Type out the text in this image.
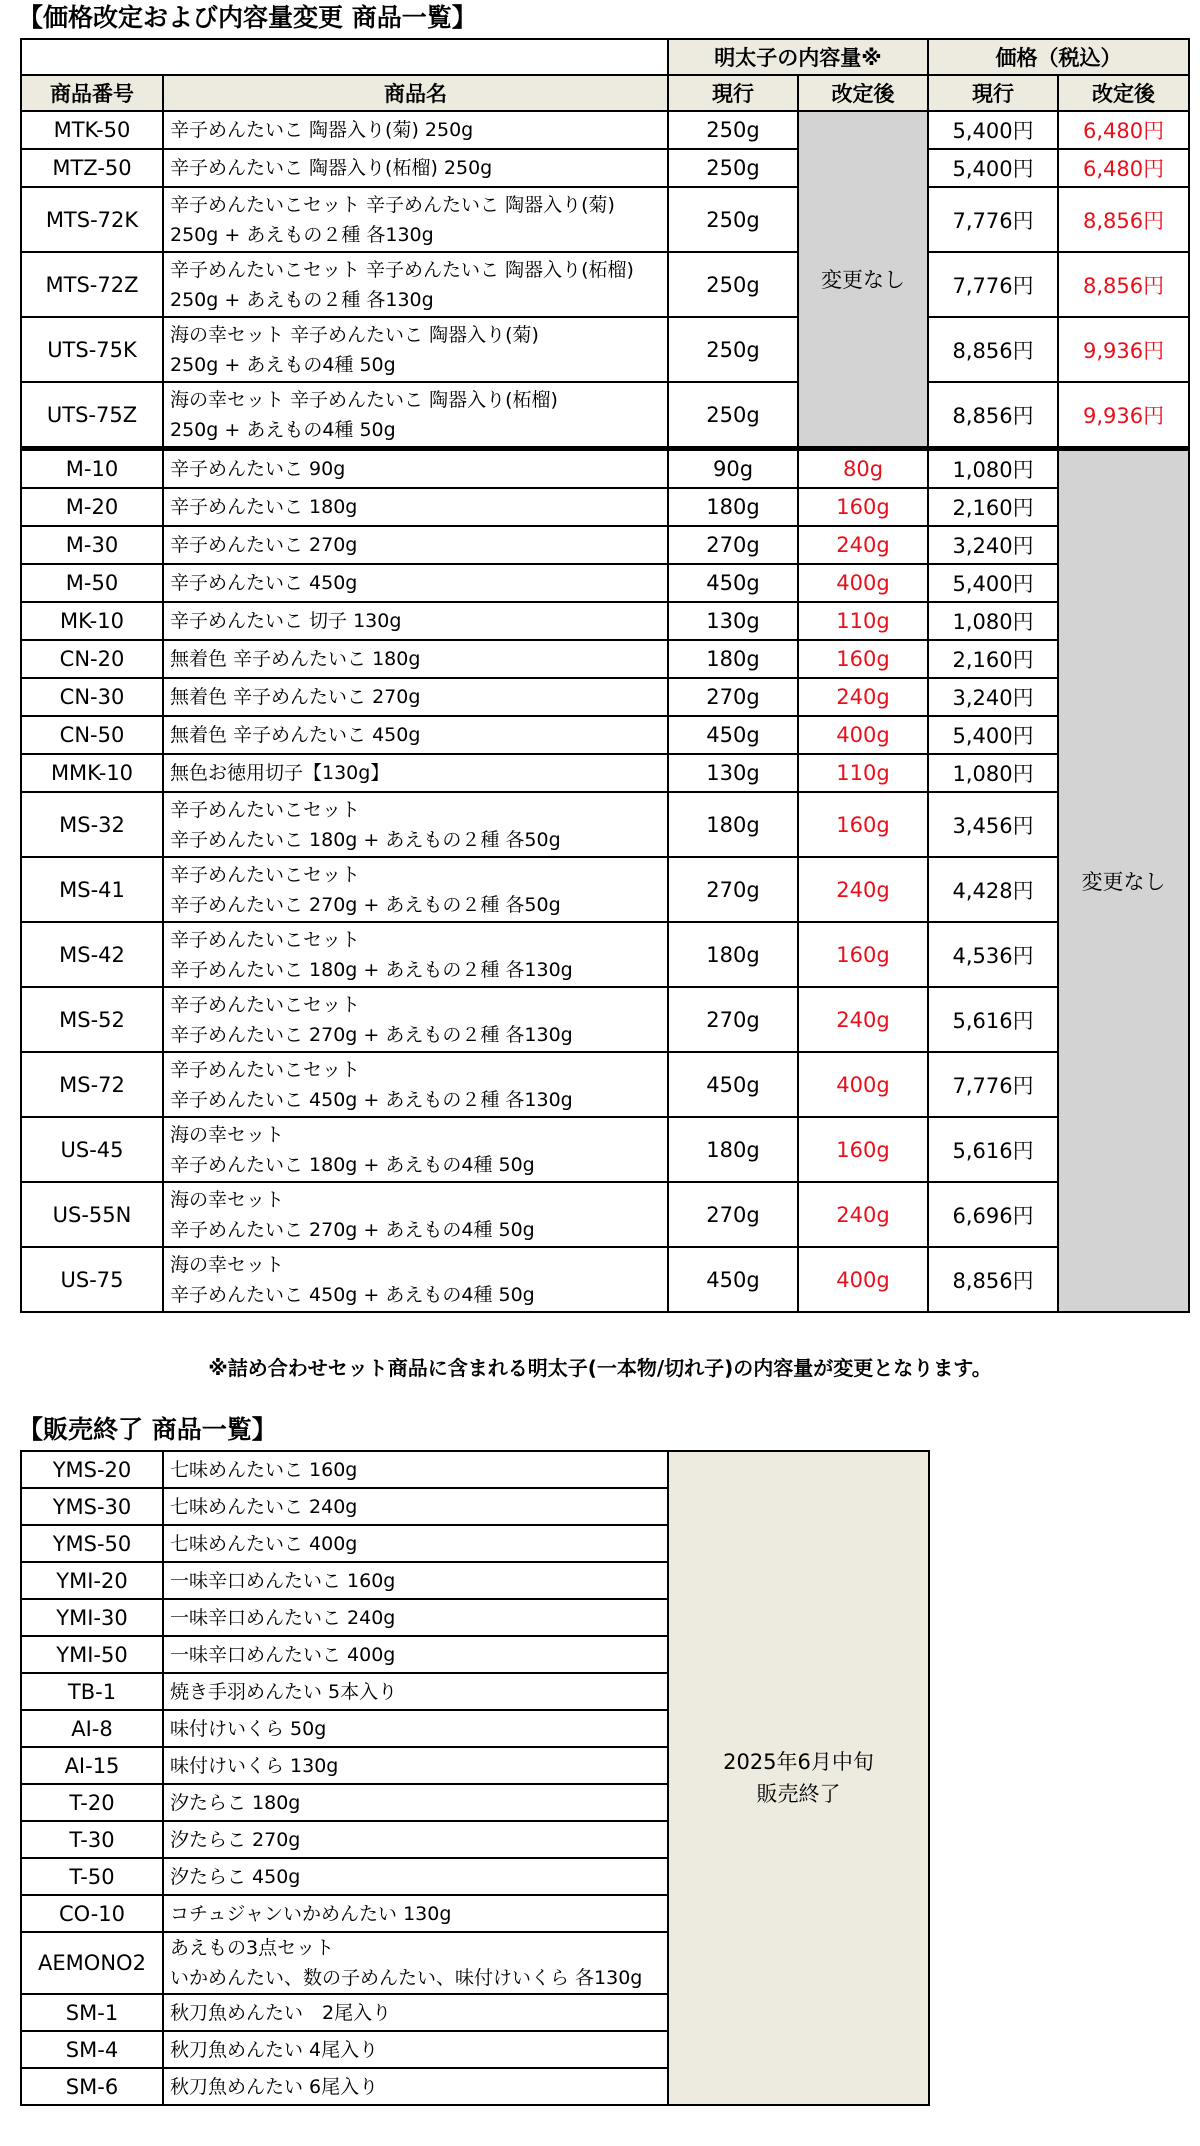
【価格改定および内容量変更 商品一覧】
		明太子の内容量※		価格（税込）	
商品番号	商品名	現行	改定後	現行	改定後
MTK-50	辛子めんたいこ 陶器入り(菊) 250g	250g	変更なし	5,400円	6,480円
MTZ-50	辛子めんたいこ 陶器入り(柘榴) 250g	250g		5,400円	6,480円
MTS-72K	辛子めんたいこセット 辛子めんたいこ 陶器入り(菊)
250g + あえもの２種 各130g	250g		7,776円	8,856円
MTS-72Z	辛子めんたいこセット 辛子めんたいこ 陶器入り(柘榴)
250g + あえもの２種 各130g	250g		7,776円	8,856円
UTS-75K	海の幸セット 辛子めんたいこ 陶器入り(菊)
250g + あえもの4種 50g	250g		8,856円	9,936円
UTS-75Z	海の幸セット 辛子めんたいこ 陶器入り(柘榴)
250g + あえもの4種 50g	250g		8,856円	9,936円
M-10	辛子めんたいこ 90g	90g	80g	1,080円	変更なし
M-20	辛子めんたいこ 180g	180g	160g	2,160円	
M-30	辛子めんたいこ 270g	270g	240g	3,240円	
M-50	辛子めんたいこ 450g	450g	400g	5,400円	
MK-10	辛子めんたいこ 切子 130g	130g	110g	1,080円	
CN-20	無着色 辛子めんたいこ 180g	180g	160g	2,160円	
CN-30	無着色 辛子めんたいこ 270g	270g	240g	3,240円	
CN-50	無着色 辛子めんたいこ 450g	450g	400g	5,400円	
MMK-10	無色お徳用切子【130g】	130g	110g	1,080円	
MS-32	辛子めんたいこセット
辛子めんたいこ 180g + あえもの２種 各50g	180g	160g	3,456円	
MS-41	辛子めんたいこセット
辛子めんたいこ 270g + あえもの２種 各50g	270g	240g	4,428円	
MS-42	辛子めんたいこセット
辛子めんたいこ 180g + あえもの２種 各130g	180g	160g	4,536円	
MS-52	辛子めんたいこセット
辛子めんたいこ 270g + あえもの２種 各130g	270g	240g	5,616円	
MS-72	辛子めんたいこセット
辛子めんたいこ 450g + あえもの２種 各130g	450g	400g	7,776円	
US-45	海の幸セット
辛子めんたいこ 180g + あえもの4種 50g	180g	160g	5,616円	
US-55N	海の幸セット
辛子めんたいこ 270g + あえもの4種 50g	270g	240g	6,696円	
US-75	海の幸セット
辛子めんたいこ 450g + あえもの4種 50g	450g	400g	8,856円	
※詰め合わせセット商品に含まれる明太子(一本物/切れ子)の内容量が変更となります。
【販売終了 商品一覧】
YMS-20	七味めんたいこ 160g	2025年6月中旬
販売終了

YMS-30	七味めんたいこ 240g	

YMS-50	七味めんたいこ 400g	

YMI-20	一味辛口めんたいこ 160g	

YMI-30	一味辛口めんたいこ 240g	

YMI-50	一味辛口めんたいこ 400g	

TB-1	焼き手羽めんたい 5本入り	

AI-8	味付けいくら 50g	

AI-15	味付けいくら 130g	

T-20	汐たらこ 180g	

T-30	汐たらこ 270g	

T-50	汐たらこ 450g	

CO-10	コチュジャンいかめんたい 130g	

AEMONO2	あえもの3点セット
いかめんたい、数の子めんたい、味付けいくら 各130g	

SM-1	秋刀魚めんたい　2尾入り	

SM-4	秋刀魚めんたい 4尾入り	

SM-6	秋刀魚めんたい 6尾入り	
